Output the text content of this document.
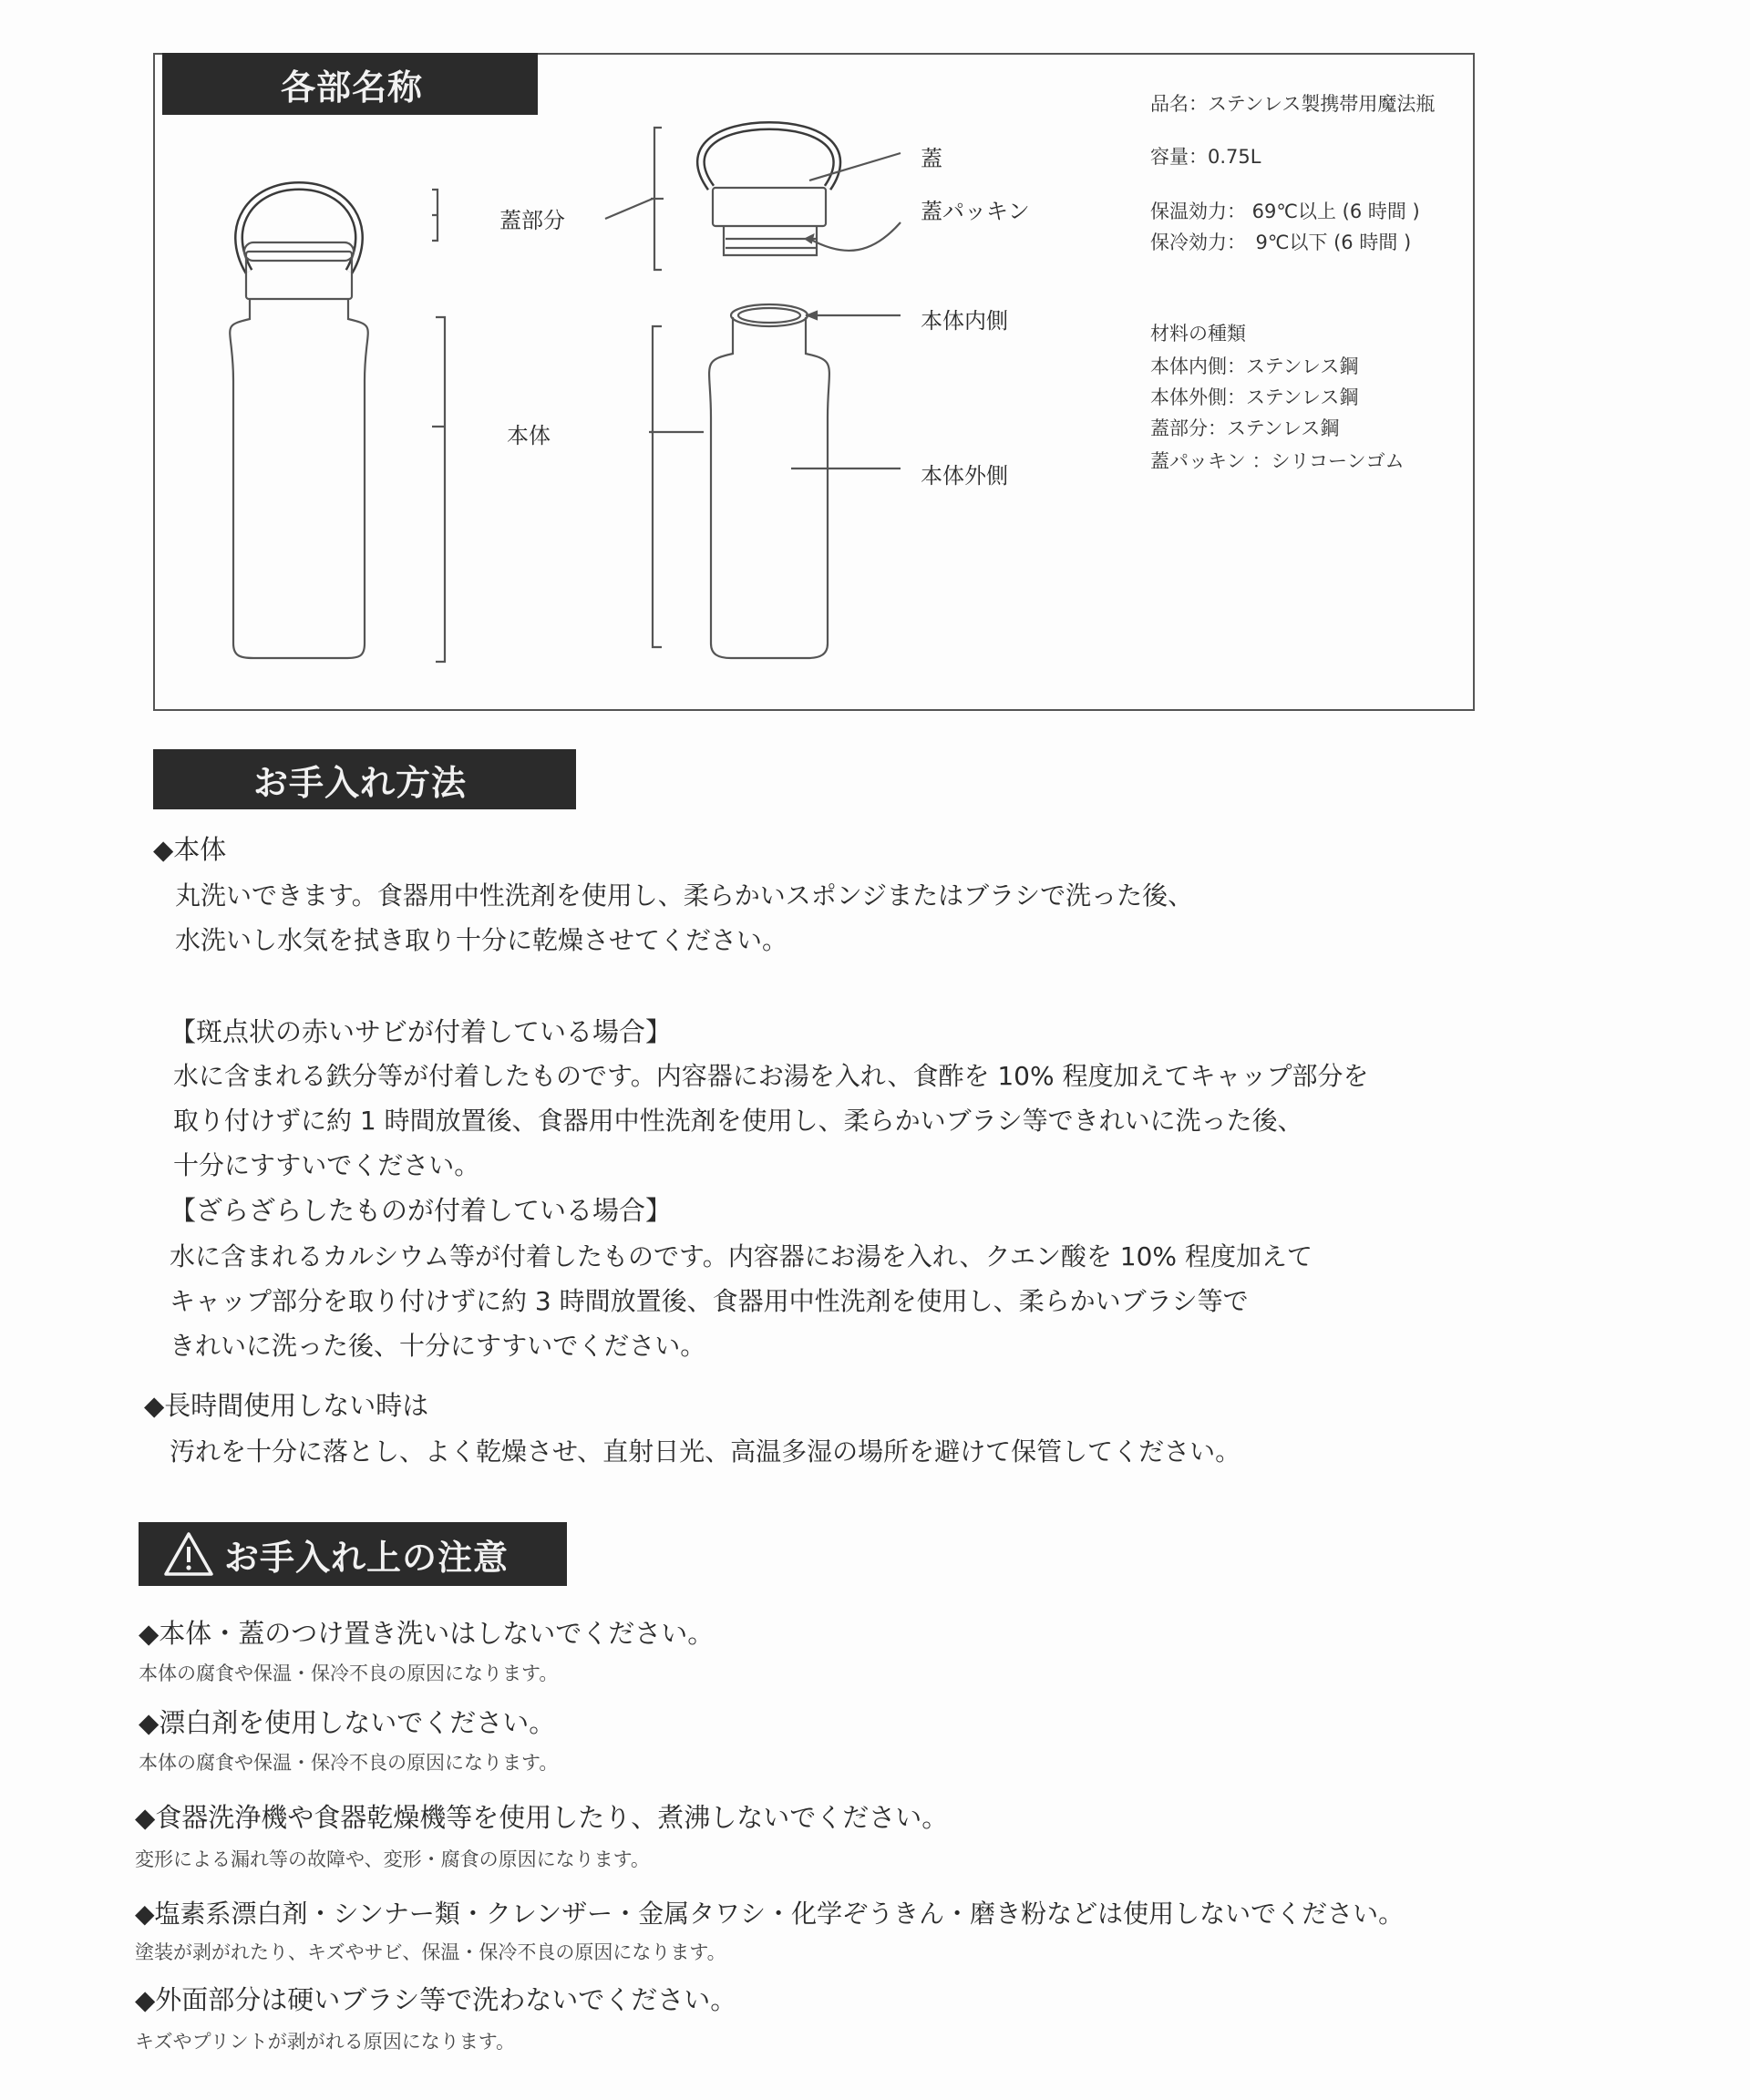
各部名称
蓋部分
本体
蓋
蓋パッキン
本体内側
本体外側
品名：ステンレス製携帯用魔法瓶
容量：0.75L
保温効力： 69℃以上 (6 時間 )
保冷効力：　9℃以下 (6 時間 )
材料の種類
本体内側：ステンレス鋼
本体外側：ステンレス鋼
蓋部分：ステンレス鋼
蓋パッキン ：シリコーンゴム
お手入れ方法
◆本体
丸洗いできます。食器用中性洗剤を使用し、柔らかいスポンジまたはブラシで洗った後、
水洗いし水気を拭き取り十分に乾燥させてください。
【斑点状の赤いサビが付着している場合】
水に含まれる鉄分等が付着したものです。内容器にお湯を入れ、食酢を 10% 程度加えてキャップ部分を
取り付けずに約 1 時間放置後、食器用中性洗剤を使用し、柔らかいブラシ等できれいに洗った後、
十分にすすいでください。
【ざらざらしたものが付着している場合】
水に含まれるカルシウム等が付着したものです。内容器にお湯を入れ、クエン酸を 10% 程度加えて
キャップ部分を取り付けずに約 3 時間放置後、食器用中性洗剤を使用し、柔らかいブラシ等で
きれいに洗った後、十分にすすいでください。
◆長時間使用しない時は
汚れを十分に落とし、よく乾燥させ、直射日光、高温多湿の場所を避けて保管してください。
お手入れ上の注意
◆本体・蓋のつけ置き洗いはしないでください。
本体の腐食や保温・保冷不良の原因になります。
◆漂白剤を使用しないでください。
本体の腐食や保温・保冷不良の原因になります。
◆食器洗浄機や食器乾燥機等を使用したり、煮沸しないでください。
変形による漏れ等の故障や、変形・腐食の原因になります。
◆塩素系漂白剤・シンナー類・クレンザー・金属タワシ・化学ぞうきん・磨き粉などは使用しないでください。
塗装が剥がれたり、キズやサビ、保温・保冷不良の原因になります。
◆外面部分は硬いブラシ等で洗わないでください。
キズやプリントが剥がれる原因になります。
